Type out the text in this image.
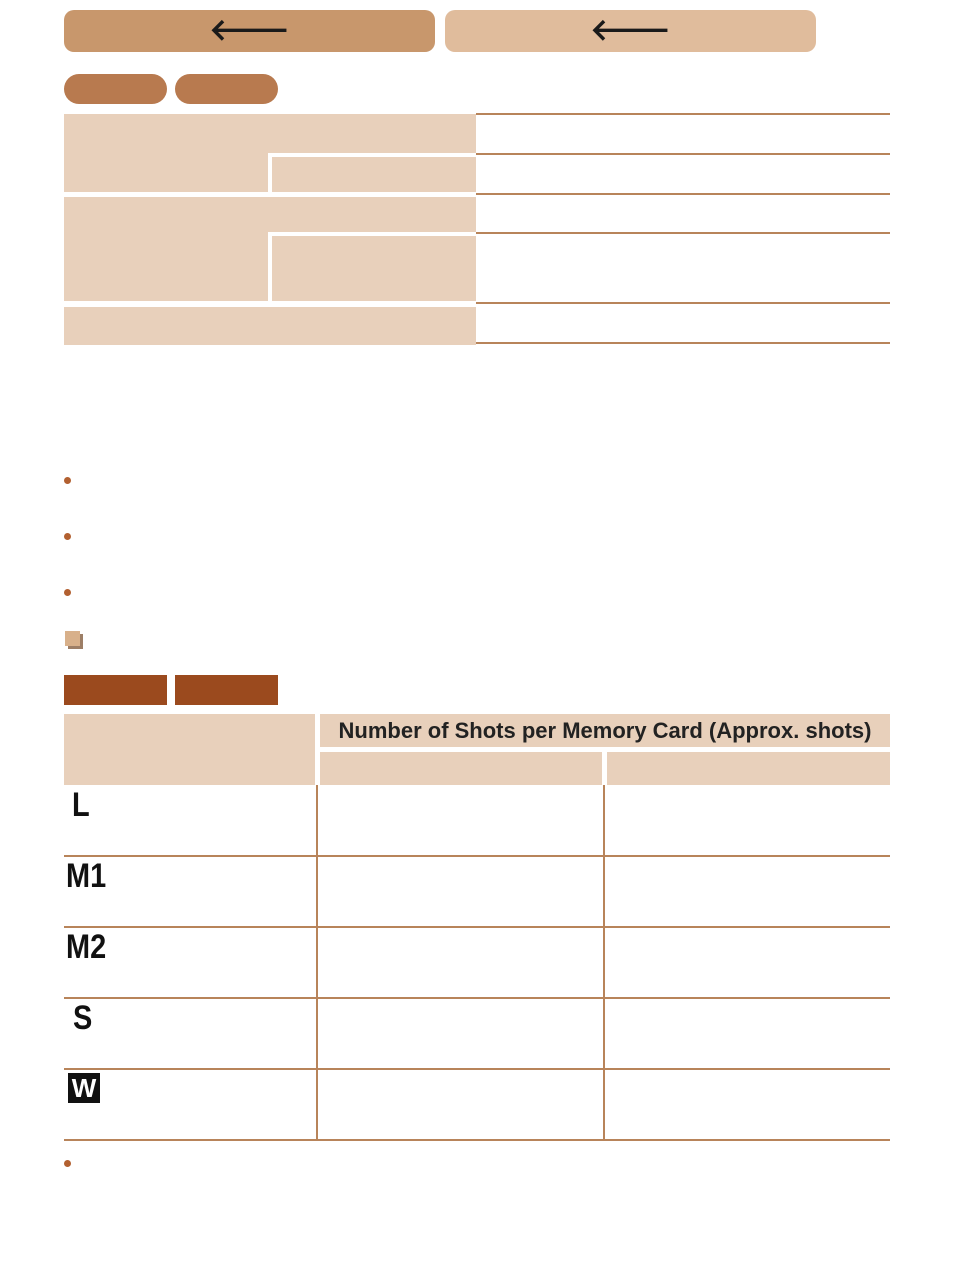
🡐	🡐
Number of Shots per Memory Card (Approx. shots)
L
M1
M2
S
W
